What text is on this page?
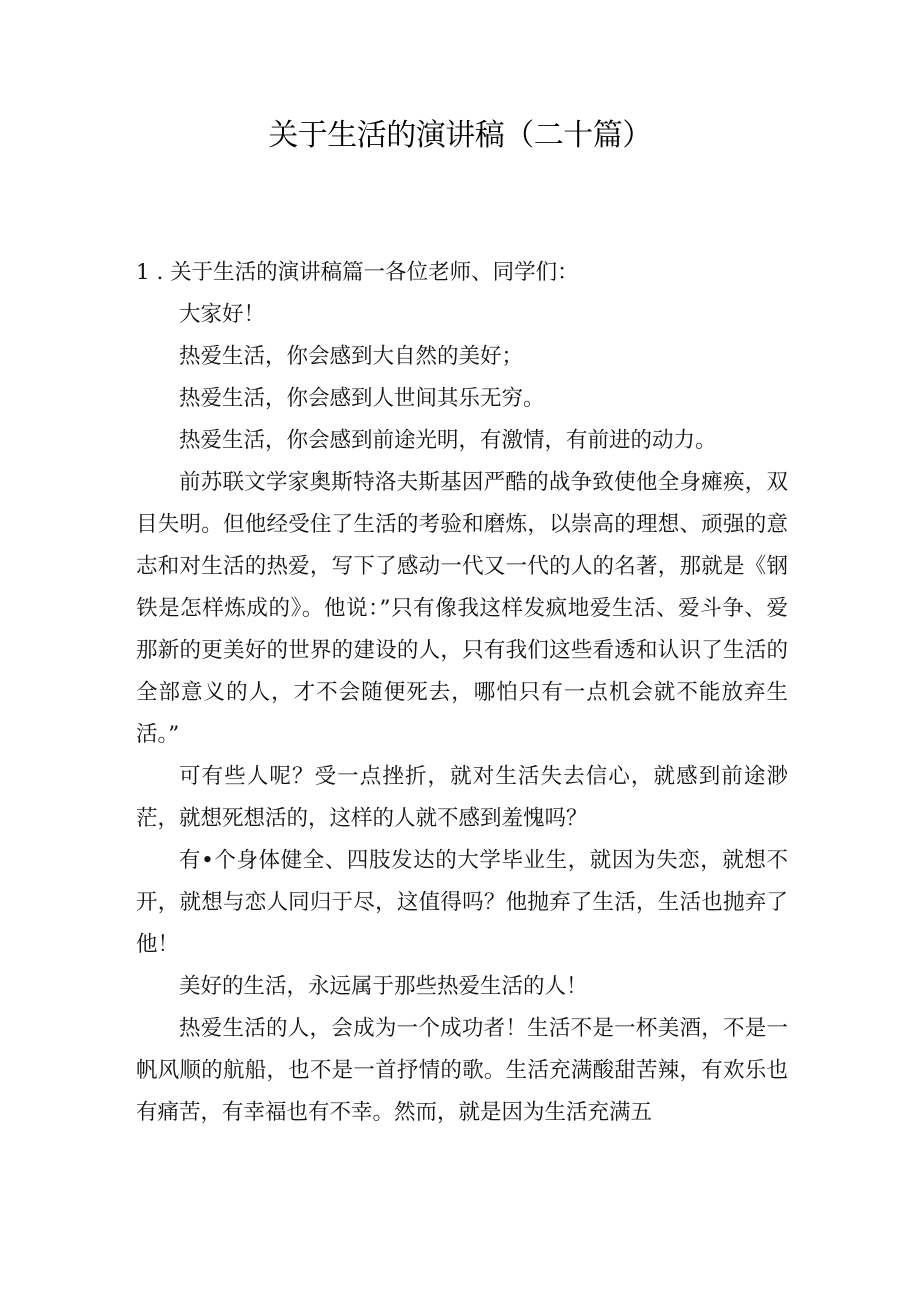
关于生活的演讲稿（二十篇）

1 . 关于生活的演讲稿篇一各位老师、同学们：

大家好！

热爱生活，你会感到大自然的美好；

热爱生活，你会感到人世间其乐无穷。

热爱生活，你会感到前途光明，有激情，有前进的动力。

前苏联文学家奥斯特洛夫斯基因严酷的战争致使他全身瘫痪，双目失明。但他经受住了生活的考验和磨炼，以崇高的理想、顽强的意志和对生活的热爱，写下了感动一代又一代的人的名著，那就是《钢铁是怎样炼成的》。他说：”只有像我这样发疯地爱生活、爱斗争、爱那新的更美好的世界的建设的人，只有我们这些看透和认识了生活的全部意义的人，才不会随便死去，哪怕只有一点机会就不能放弃生活。”

可有些人呢？受一点挫折，就对生活失去信心，就感到前途渺茫，就想死想活的，这样的人就不感到羞愧吗？

有•个身体健全、四肢发达的大学毕业生，就因为失恋，就想不开，就想与恋人同归于尽，这值得吗？他抛弃了生活，生活也抛弃了他！

美好的生活，永远属于那些热爱生活的人！

热爱生活的人，会成为一个成功者！生活不是一杯美酒，不是一帆风顺的航船，也不是一首抒情的歌。生活充满酸甜苦辣，有欢乐也有痛苦，有幸福也有不幸。然而，就是因为生活充满五
